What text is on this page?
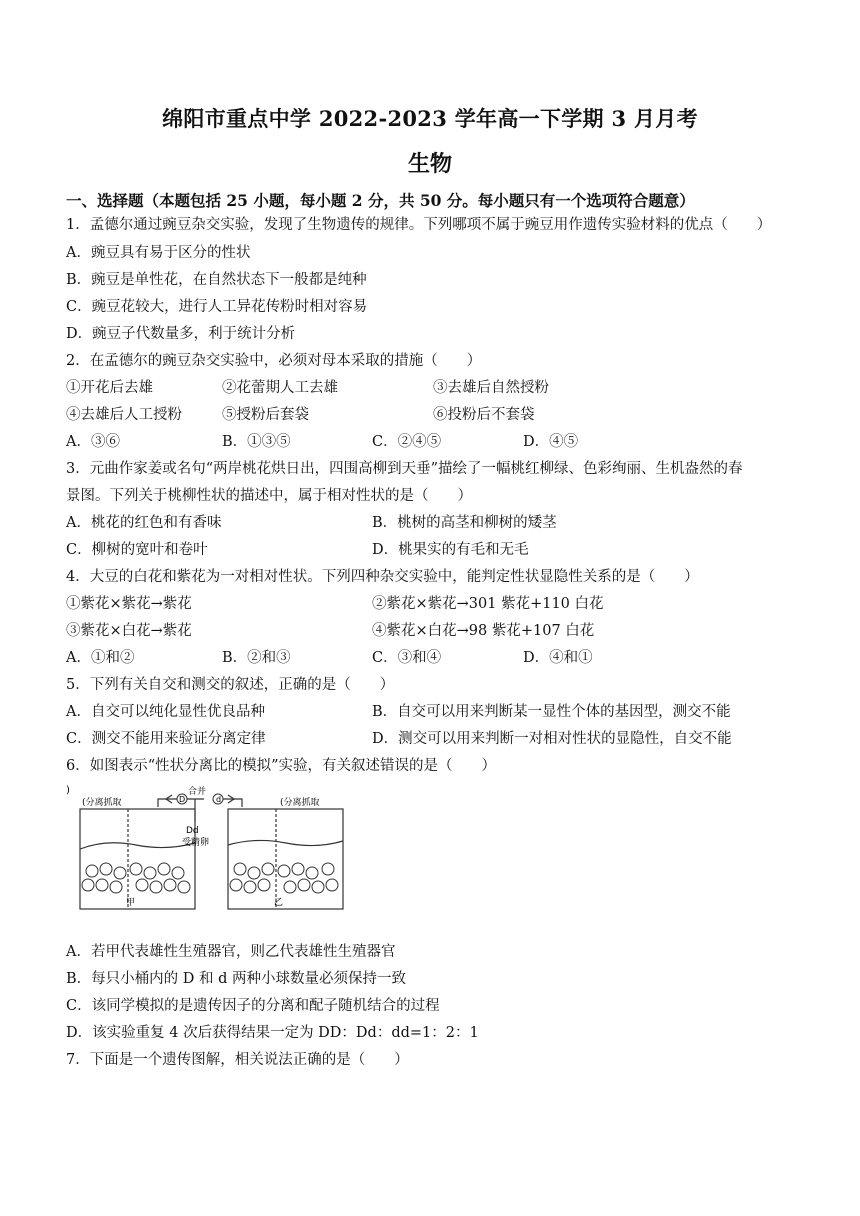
绵阳市重点中学 2022-2023 学年高一下学期 3 月月考
生物
一、选择题（本题包括 25 小题，每小题 2 分，共 50 分。每小题只有一个选项符合题意）
1．孟德尔通过豌豆杂交实验，发现了生物遗传的规律。下列哪项不属于豌豆用作遗传实验材料的优点（　　）
A．豌豆具有易于区分的性状
B．豌豆是单性花，在自然状态下一般都是纯种
C．豌豆花较大，进行人工异花传粉时相对容易
D．豌豆子代数量多，利于统计分析
2．在孟德尔的豌豆杂交实验中，必须对母本采取的措施（　　）
①开花后去雄	②花蕾期人工去雄	③去雄后自然授粉
④去雄后人工授粉	⑤授粉后套袋	⑥投粉后不套袋
A．③⑥	B．①③⑤	C．②④⑤	D．④⑤
3．元曲作家姜或名句“两岸桃花烘日出，四围高柳到天垂”描绘了一幅桃红柳绿、色彩绚丽、生机盎然的春
景图。下列关于桃柳性状的描述中，属于相对性状的是（　　）
A．桃花的红色和有香味	B．桃树的高茎和柳树的矮茎
C．柳树的宽叶和卷叶	D．桃果实的有毛和无毛
4．大豆的白花和紫花为一对相对性状。下列四种杂交实验中，能判定性状显隐性关系的是（　　）
①紫花×紫花→紫花	②紫花×紫花→301 紫花+110 白花
③紫花×白花→紫花	④紫花×白花→98 紫花+107 白花
A．①和②	B．②和③	C．③和④	D．④和①
5．下列有关自交和测交的叙述，正确的是（　　）
A．自交可以纯化显性优良品种	B．自交可以用来判断某一显性个体的基因型，测交不能
C．测交不能用来验证分离定律	D．测交可以用来判断一对相对性状的显隐性，自交不能
6．如图表示“性状分离比的模拟”实验，有关叙述错误的是（　　）
)
(分离抓取	(分离抓取
合并
D	d
Dd
受精卵
甲	乙
A．若甲代表雄性生殖器官，则乙代表雄性生殖器官
B．每只小桶内的 D 和 d 两种小球数量必须保持一致
C．该同学模拟的是遗传因子的分离和配子随机结合的过程
D．该实验重复 4 次后获得结果一定为 DD：Dd：dd=1：2：1
7．下面是一个遗传图解，相关说法正确的是（　　）
